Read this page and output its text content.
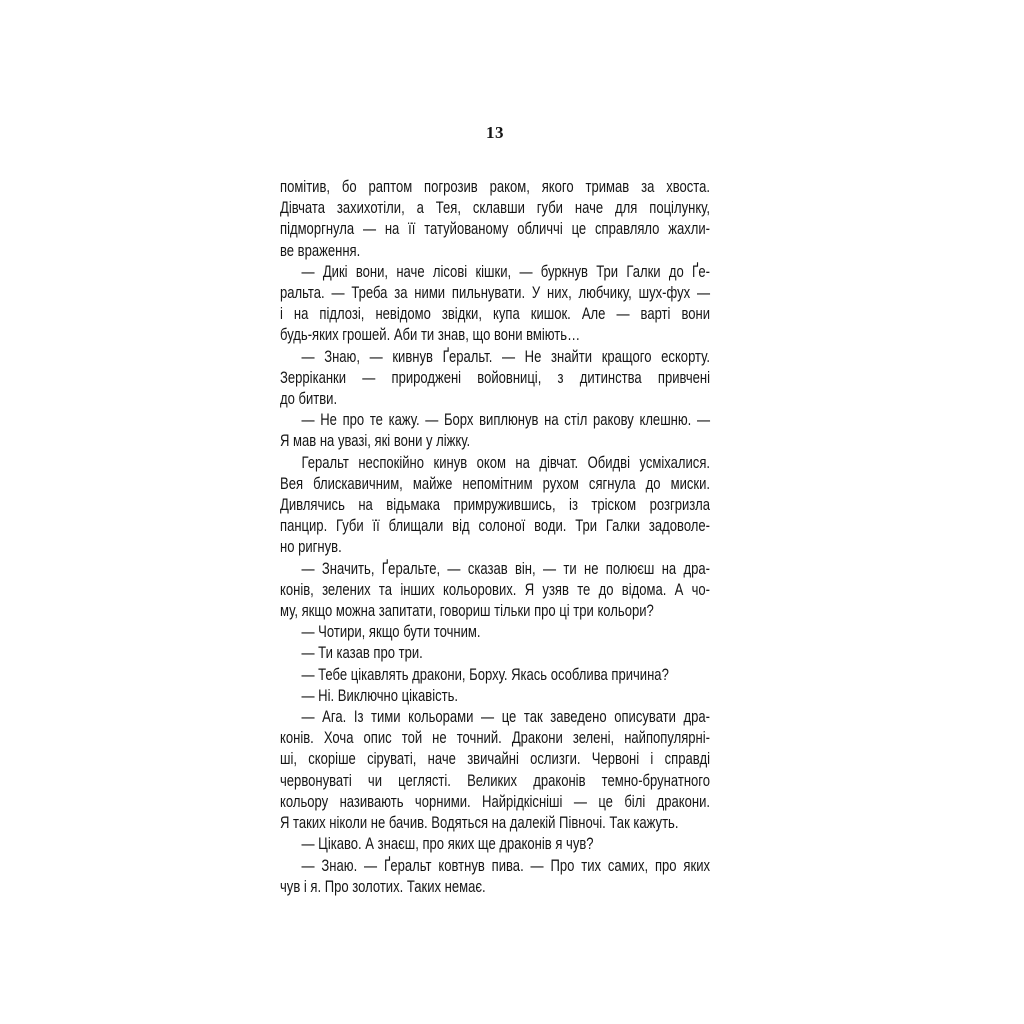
13
помітив, бо раптом погрозив раком, якого тримав за хвоста.
Дівчата захихотіли, а Тея, склавши губи наче для поцілунку,
підморгнула — на її татуйованому обличчі це справляло жахли-
ве враження.
— Дикі вони, наче лісові кішки, — буркнув Три Галки до Ґе-
ральта. — Треба за ними пильнувати. У них, любчику, шух-фух —
і на підлозі, невідомо звідки, купа кишок. Але — варті вони
будь-яких грошей. Аби ти знав, що вони вміють…
— Знаю, — кивнув Ґеральт. — Не знайти кращого ескорту.
Зерріканки — природжені войовниці, з дитинства привчені
до битви.
— Не про те кажу. — Борх виплюнув на стіл ракову клешню. —
Я мав на увазі, які вони у ліжку.
Геральт неспокійно кинув оком на дівчат. Обидві усміхалися.
Вея блискавичним, майже непомітним рухом сягнула до миски.
Дивлячись на відьмака примружившись, із тріском розгризла
панцир. Губи її блищали від солоної води. Три Галки задоволе-
но ригнув.
— Значить, Ґеральте, — сказав він, — ти не полюєш на дра-
конів, зелених та інших кольорових. Я узяв те до відома. А чо-
му, якщо можна запитати, говориш тільки про ці три кольори?
— Чотири, якщо бути точним.
— Ти казав про три.
— Тебе цікавлять дракони, Борху. Якась особлива причина?
— Ні. Виключно цікавість.
— Ага. Із тими кольорами — це так заведено описувати дра-
конів. Хоча опис той не точний. Дракони зелені, найпопулярні-
ші, скоріше сіруваті, наче звичайні ослизги. Червоні і справді
червонуваті чи цеглясті. Великих драконів темно-брунатного
кольору називають чорними. Найрідкісніші — це білі дракони.
Я таких ніколи не бачив. Водяться на далекій Півночі. Так кажуть.
— Цікаво. А знаєш, про яких ще драконів я чув?
— Знаю. — Ґеральт ковтнув пива. — Про тих самих, про яких
чув і я. Про золотих. Таких немає.
